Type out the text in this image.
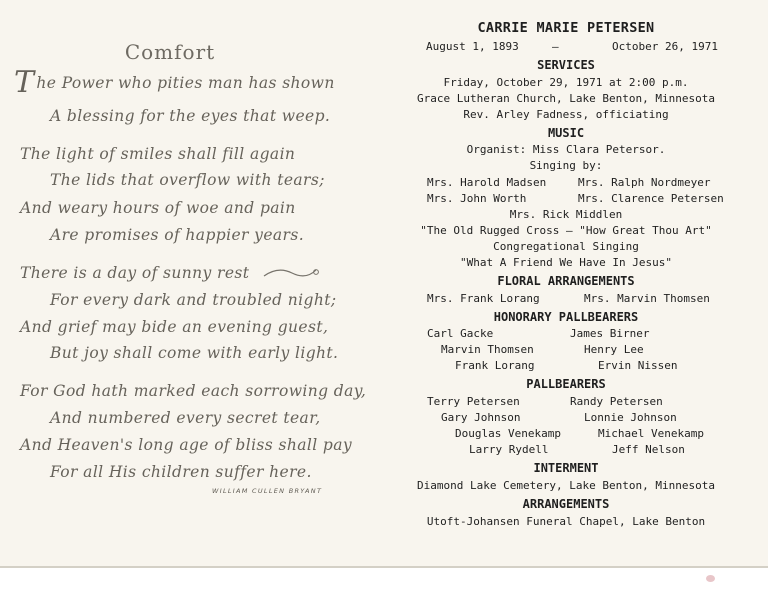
Comfort
The Power who pities man has shown
A blessing for the eyes that weep.
The light of smiles shall fill again
The lids that overflow with tears;
And weary hours of woe and pain
Are promises of happier years.
There is a day of sunny rest
For every dark and troubled night;
And grief may bide an evening guest,
But joy shall come with early light.
For God hath marked each sorrowing day,
And numbered every secret tear,
And Heaven's long age of bliss shall pay
For all His children suffer here.
WILLIAM CULLEN BRYANT
CARRIE MARIE PETERSEN
August 1, 1893	—	October 26, 1971
SERVICES
Friday, October 29, 1971 at 2:00 p.m.
Grace Lutheran Church, Lake Benton, Minnesota
Rev. Arley Fadness, officiating
MUSIC
Organist: Miss Clara Petersor.
Singing by:
Mrs. Harold Madsen	Mrs. Ralph Nordmeyer
Mrs. John Worth	Mrs. Clarence Petersen
Mrs. Rick Middlen
"The Old Rugged Cross — "How Great Thou Art"
Congregational Singing
"What A Friend We Have In Jesus"
FLORAL ARRANGEMENTS
Mrs. Frank Lorang	Mrs. Marvin Thomsen
HONORARY PALLBEARERS
Carl Gacke	James Birner
Marvin Thomsen	Henry Lee
Frank Lorang	Ervin Nissen
PALLBEARERS
Terry Petersen	Randy Petersen
Gary Johnson	Lonnie Johnson
Douglas Venekamp	Michael Venekamp
Larry Rydell	Jeff Nelson
INTERMENT
Diamond Lake Cemetery, Lake Benton, Minnesota
ARRANGEMENTS
Utoft-Johansen Funeral Chapel, Lake Benton
